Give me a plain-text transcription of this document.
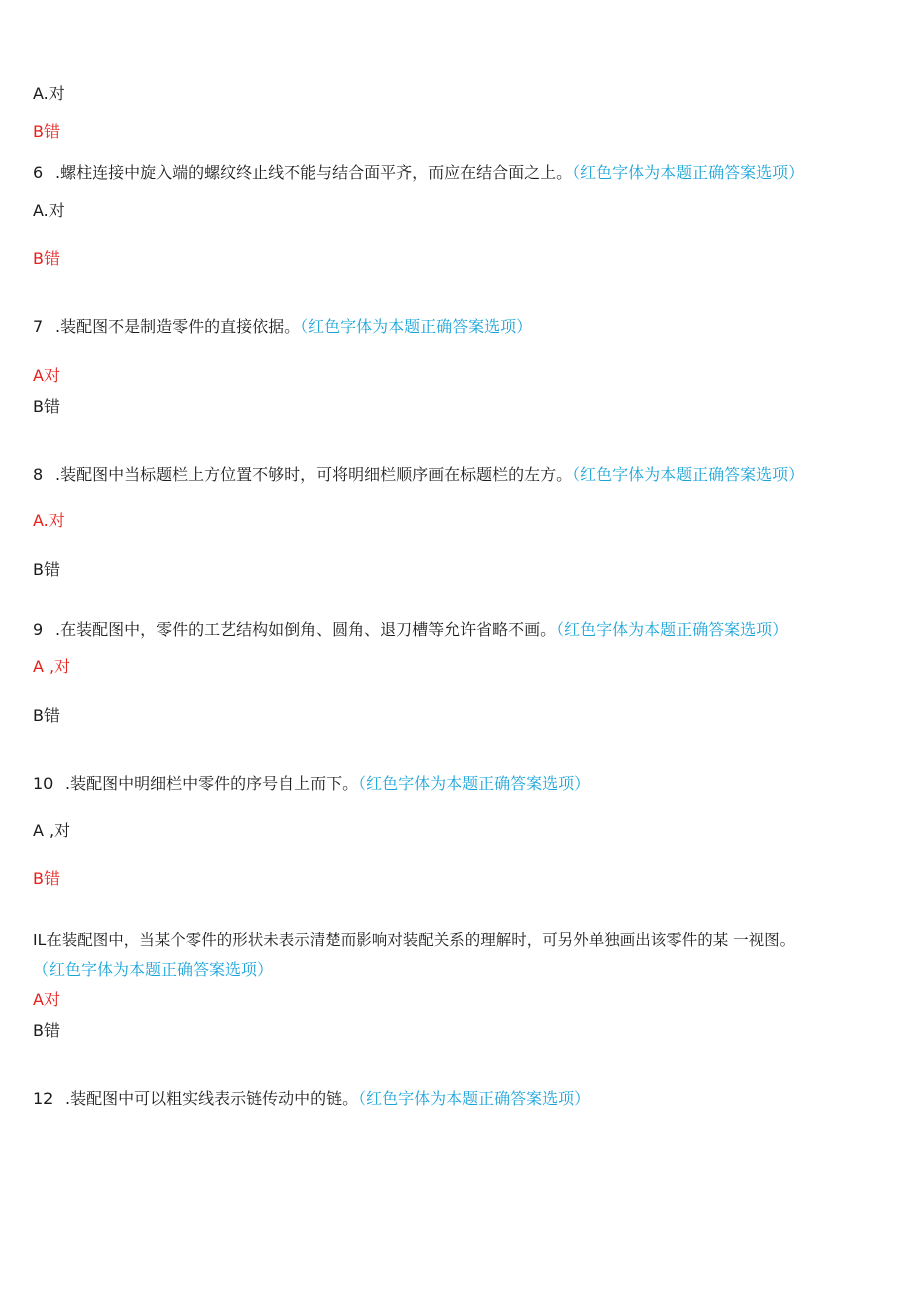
A.对
B错
6 .螺柱连接中旋入端的螺纹终止线不能与结合面平齐，而应在结合面之上。（红色字体为本题正确答案选项）
A.对
B错
7 .装配图不是制造零件的直接依据。（红色字体为本题正确答案选项）
A对
B错
8 .装配图中当标题栏上方位置不够时，可将明细栏顺序画在标题栏的左方。（红色字体为本题正确答案选项）
A.对
B错
9 .在装配图中，零件的工艺结构如倒角、圆角、退刀槽等允许省略不画。（红色字体为本题正确答案选项）
A ,对
B错
10 .装配图中明细栏中零件的序号自上而下。（红色字体为本题正确答案选项）
A ,对
B错
IL在装配图中，当某个零件的形状未表示清楚而影响对装配关系的理解时，可另外单独画出该零件的某 一视图。
（红色字体为本题正确答案选项）
A对
B错
12 .装配图中可以粗实线表示链传动中的链。（红色字体为本题正确答案选项）
